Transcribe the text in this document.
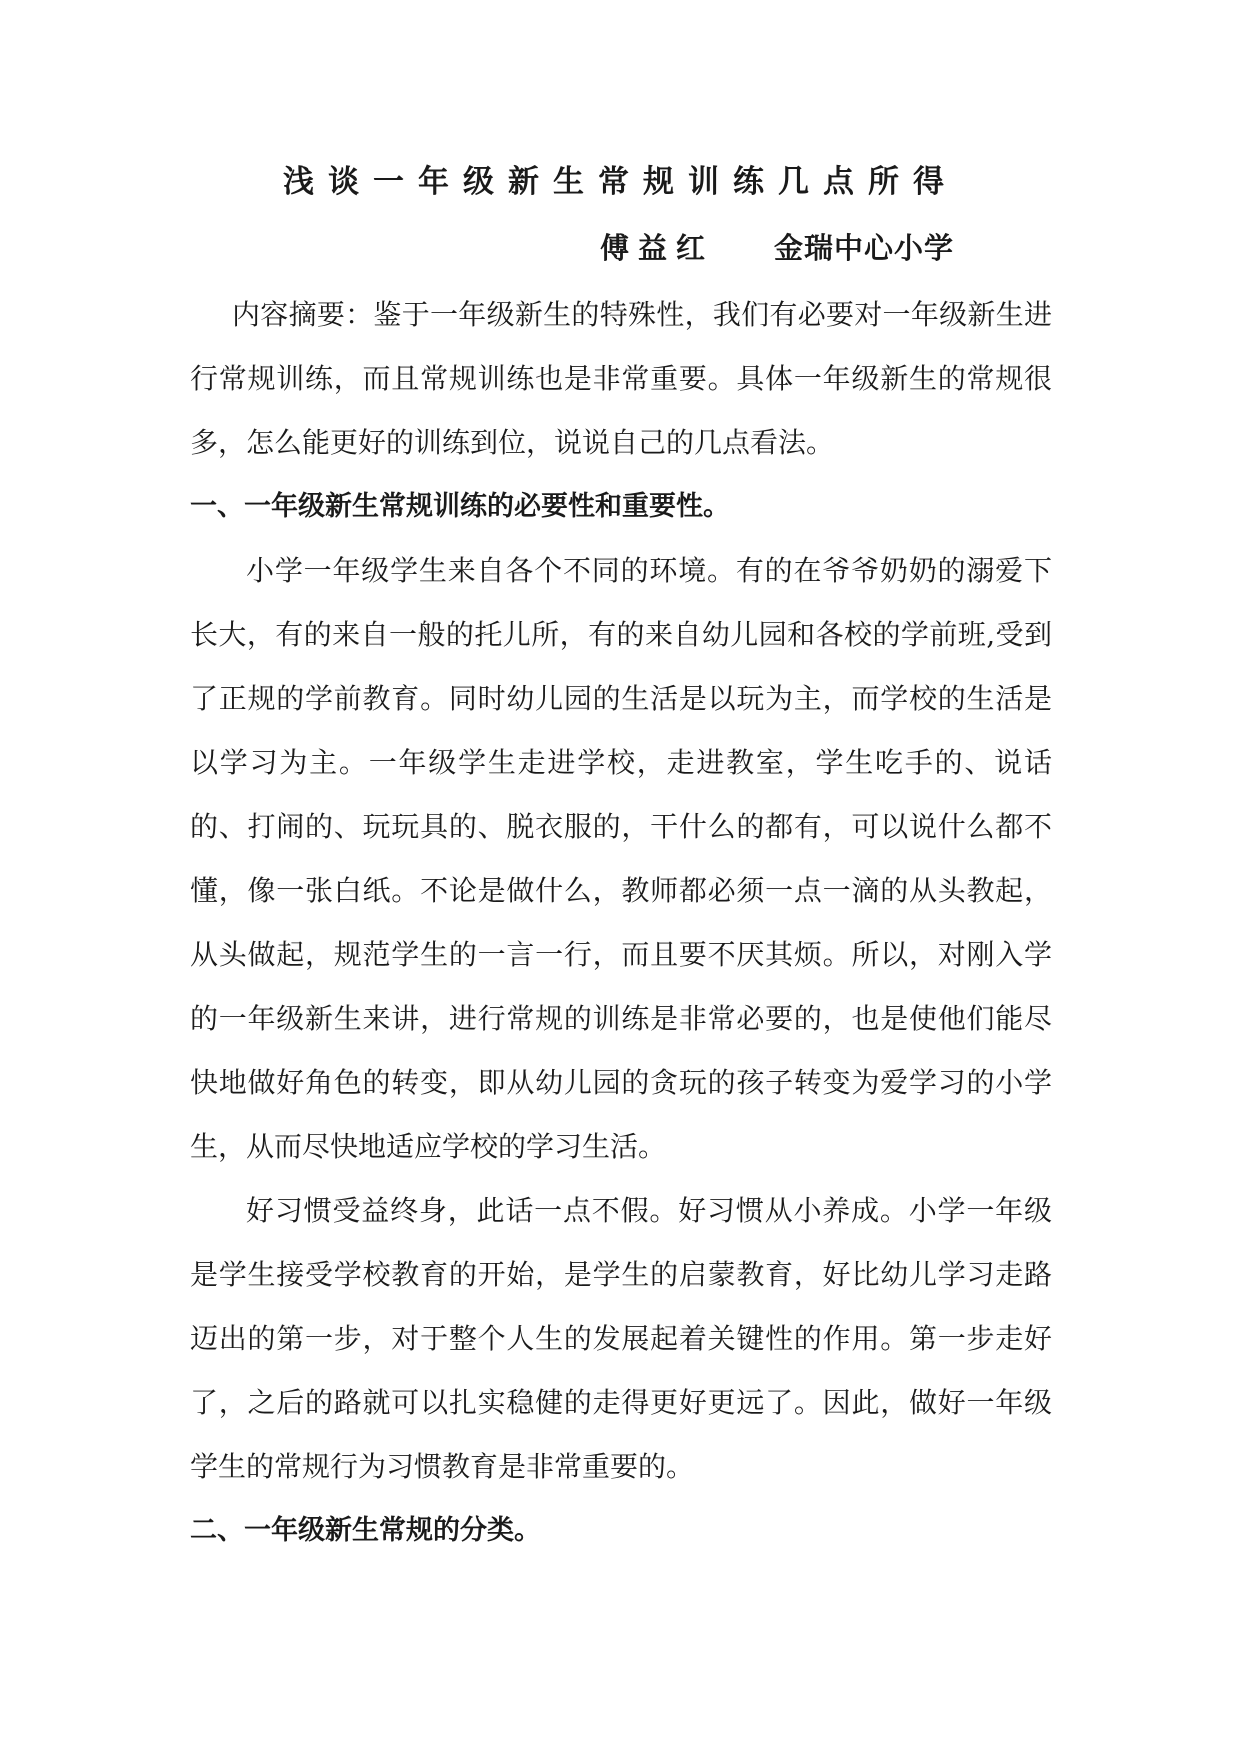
浅谈一年级新生常规训练几点所得
傅益红 金瑞中心小学

内容摘要：鉴于一年级新生的特殊性，我们有必要对一年级新生进行常规训练，而且常规训练也是非常重要。具体一年级新生的常规很多，怎么能更好的训练到位，说说自己的几点看法。

一、一年级新生常规训练的必要性和重要性。

小学一年级学生来自各个不同的环境。有的在爷爷奶奶的溺爱下长大，有的来自一般的托儿所，有的来自幼儿园和各校的学前班,受到了正规的学前教育。同时幼儿园的生活是以玩为主，而学校的生活是以学习为主。一年级学生走进学校，走进教室，学生吃手的、说话的、打闹的、玩玩具的、脱衣服的，干什么的都有，可以说什么都不懂，像一张白纸。不论是做什么，教师都必须一点一滴的从头教起，从头做起，规范学生的一言一行，而且要不厌其烦。所以，对刚入学的一年级新生来讲，进行常规的训练是非常必要的，也是使他们能尽快地做好角色的转变，即从幼儿园的贪玩的孩子转变为爱学习的小学生，从而尽快地适应学校的学习生活。

好习惯受益终身，此话一点不假。好习惯从小养成。小学一年级是学生接受学校教育的开始，是学生的启蒙教育，好比幼儿学习走路迈出的第一步，对于整个人生的发展起着关键性的作用。第一步走好了，之后的路就可以扎实稳健的走得更好更远了。因此，做好一年级学生的常规行为习惯教育是非常重要的。

二、一年级新生常规的分类。
